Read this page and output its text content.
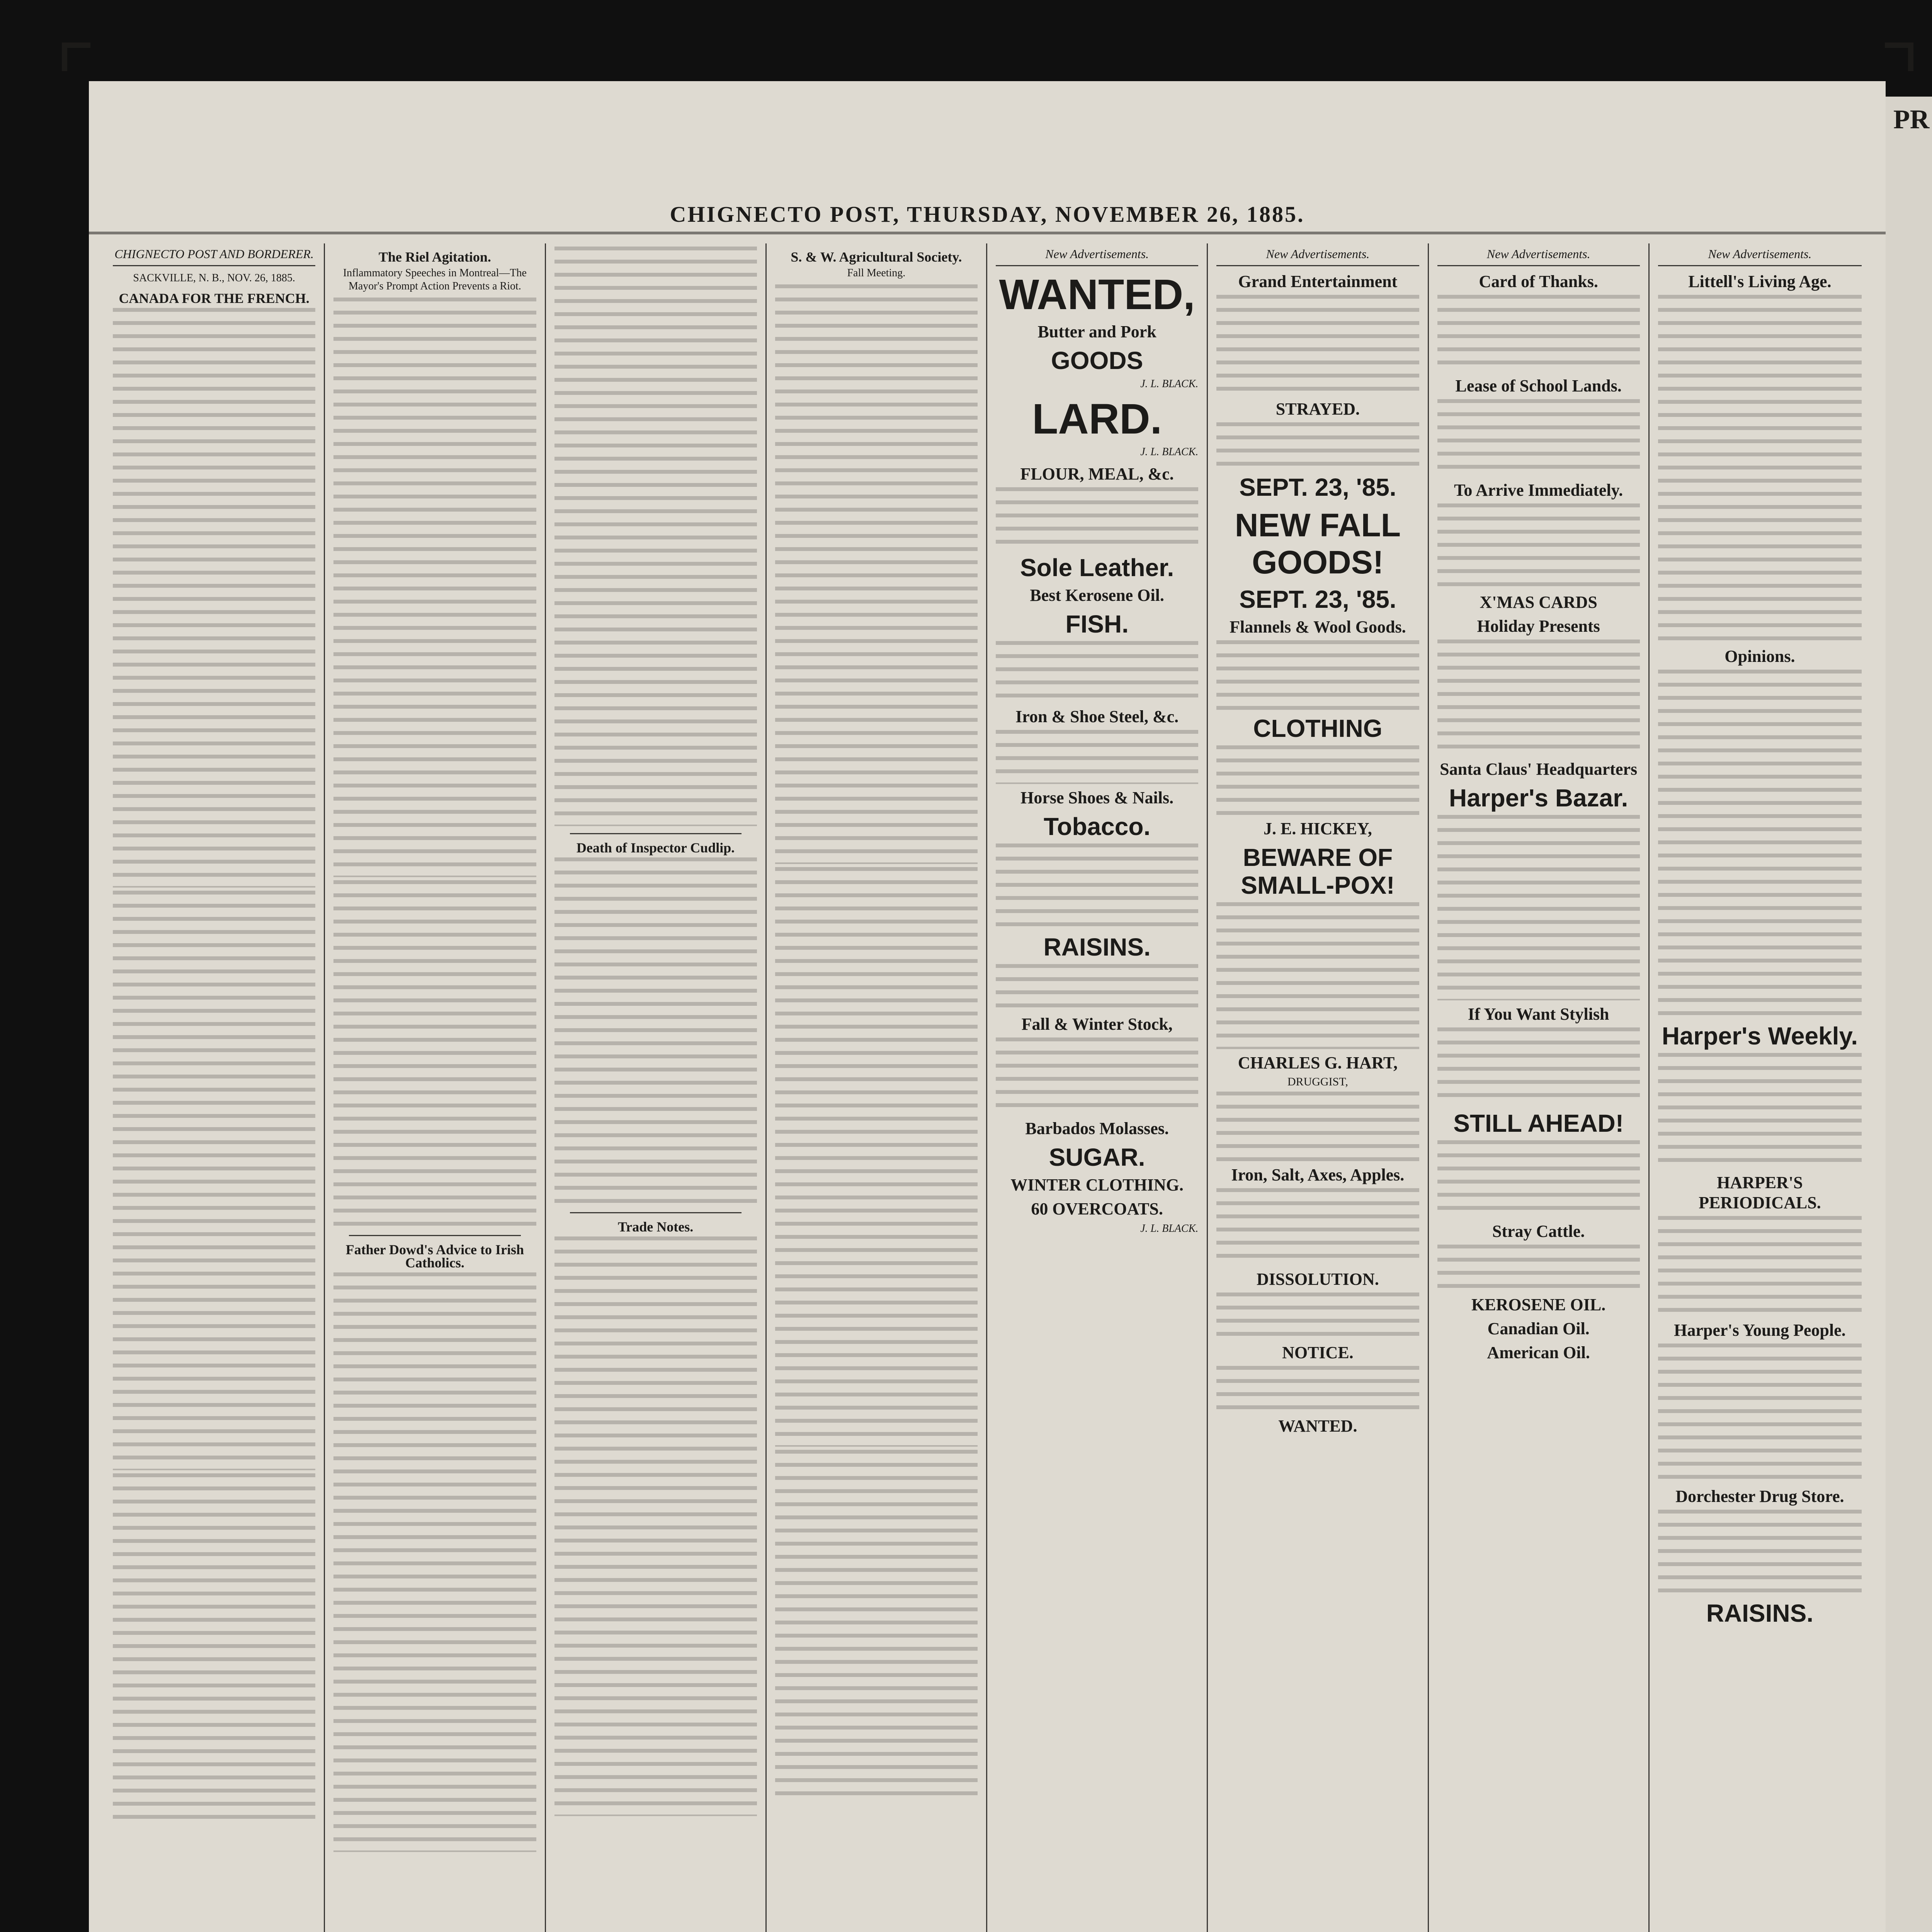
CHIGNECTO POST, THURSDAY, NOVEMBER 26, 1885.
CHIGNECTO POST AND BORDERER.
SACKVILLE, N. B., NOV. 26, 1885.
CANADA FOR THE FRENCH.
The Riel Agitation.
Inflammatory Speeches in Montreal—The Mayor's Prompt Action Prevents a Riot.
Father Dowd's Advice to Irish Catholics.
Death of Inspector Cudlip.
Trade Notes.
S. & W. Agricultural Society.
Fall Meeting.
New Advertisements.
WANTED,
Butter and Pork
GOODS
J. L. BLACK.
LARD.
J. L. BLACK.
FLOUR, MEAL, &c.
Sole Leather.
Best Kerosene Oil.
FISH.
Iron & Shoe Steel, &c.
Horse Shoes & Nails.
Tobacco.
RAISINS.
Fall & Winter Stock,
Barbados Molasses.
SUGAR.
WINTER CLOTHING.
60 OVERCOATS.
J. L. BLACK.
New Advertisements.
Grand Entertainment
STRAYED.
SEPT. 23, '85.
NEW FALL GOODS!
SEPT. 23, '85.
Flannels & Wool Goods.
CLOTHING
J. E. HICKEY,
BEWARE OF SMALL-POX!
CHARLES G. HART,
DRUGGIST,
Iron, Salt, Axes, Apples.
DISSOLUTION.
NOTICE.
WANTED.
New Advertisements.
Card of Thanks.
Lease of School Lands.
To Arrive Immediately.
X'MAS CARDS
Holiday Presents
Santa Claus' Headquarters
Harper's Bazar.
If You Want Stylish
STILL AHEAD!
Stray Cattle.
KEROSENE OIL.
Canadian Oil.
American Oil.
New Advertisements.
Littell's Living Age.
Opinions.
Harper's Weekly.
HARPER'S PERIODICALS.
Harper's Young People.
Dorchester Drug Store.
RAISINS.
PR
